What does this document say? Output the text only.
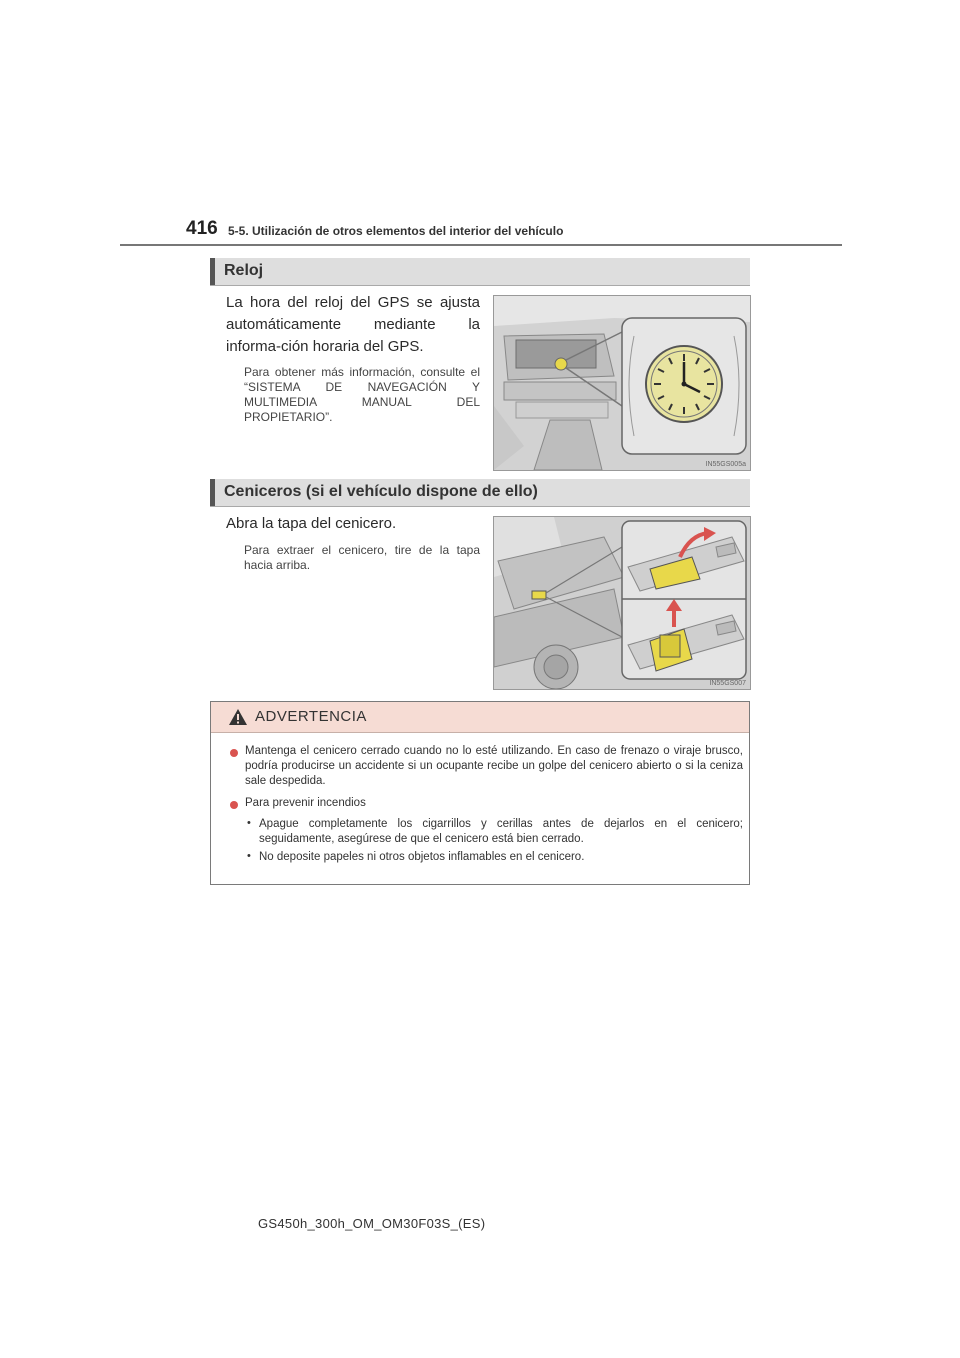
416 5-5. Utilización de otros elementos del interior del vehículo
Reloj
La hora del reloj del GPS se ajusta automáticamente mediante la informa-ción horaria del GPS.
Para obtener más información, consulte el “SISTEMA DE NAVEGACIÓN Y MULTIMEDIA MANUAL DEL PROPIETARIO”.
IN55GS005a
Ceniceros (si el vehículo dispone de ello)
Abra la tapa del cenicero.
Para extraer el cenicero, tire de la tapa hacia arriba.
IN55GS007
ADVERTENCIA
Mantenga el cenicero cerrado cuando no lo esté utilizando. En caso de frenazo o viraje brusco, podría producirse un accidente si un ocupante recibe un golpe del cenicero abierto o si la ceniza sale despedida.
Para prevenir incendios
• Apague completamente los cigarrillos y cerillas antes de dejarlos en el cenicero; seguidamente, asegúrese de que el cenicero está bien cerrado.
• No deposite papeles ni otros objetos inflamables en el cenicero.
GS450h_300h_OM_OM30F03S_(ES)
